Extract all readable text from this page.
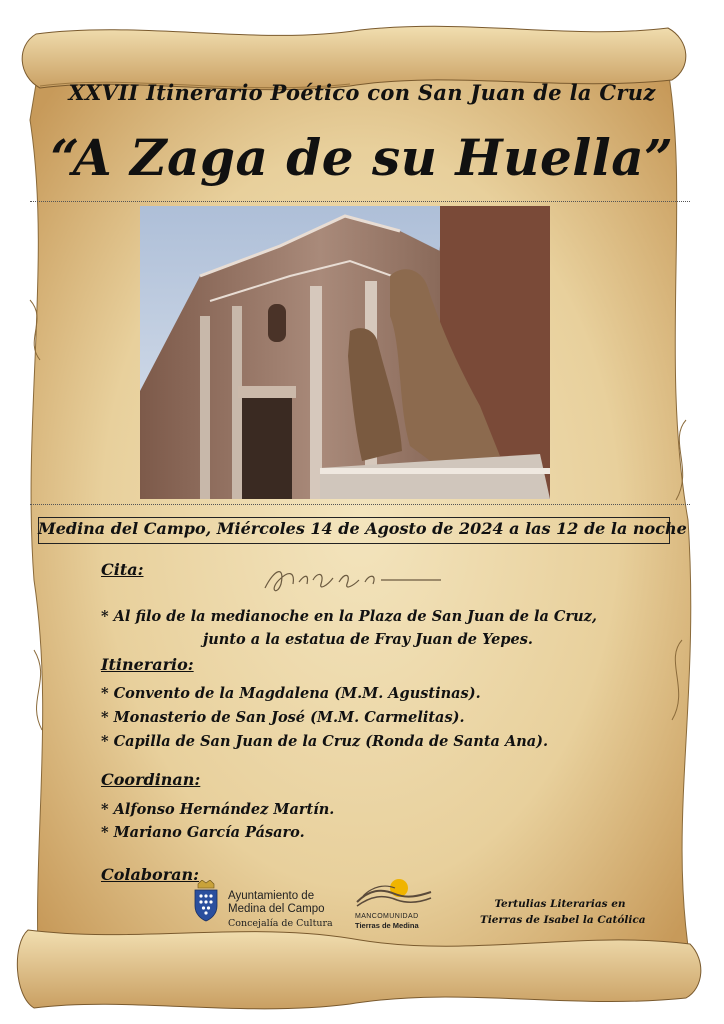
XXVII Itinerario Poético con San Juan de la Cruz
“A Zaga de su Huella”
Medina del Campo, Miércoles 14 de Agosto de 2024 a las 12 de la noche
Cita:
* Al filo de la medianoche en la Plaza de San Juan de la Cruz,
junto a la estatua de Fray Juan de Yepes.
Itinerario:
* Convento de la Magdalena (M.M. Agustinas).
* Monasterio de San José (M.M. Carmelitas).
* Capilla de San Juan de la Cruz (Ronda de Santa Ana).
Coordinan:
* Alfonso Hernández Martín.
* Mariano García Pásaro.
Colaboran:
Ayuntamiento de
Medina del Campo
Concejalía de Cultura
MANCOMUNIDAD
Tierras de Medina
Tertulias Literarias en
Tierras de Isabel la Católica
